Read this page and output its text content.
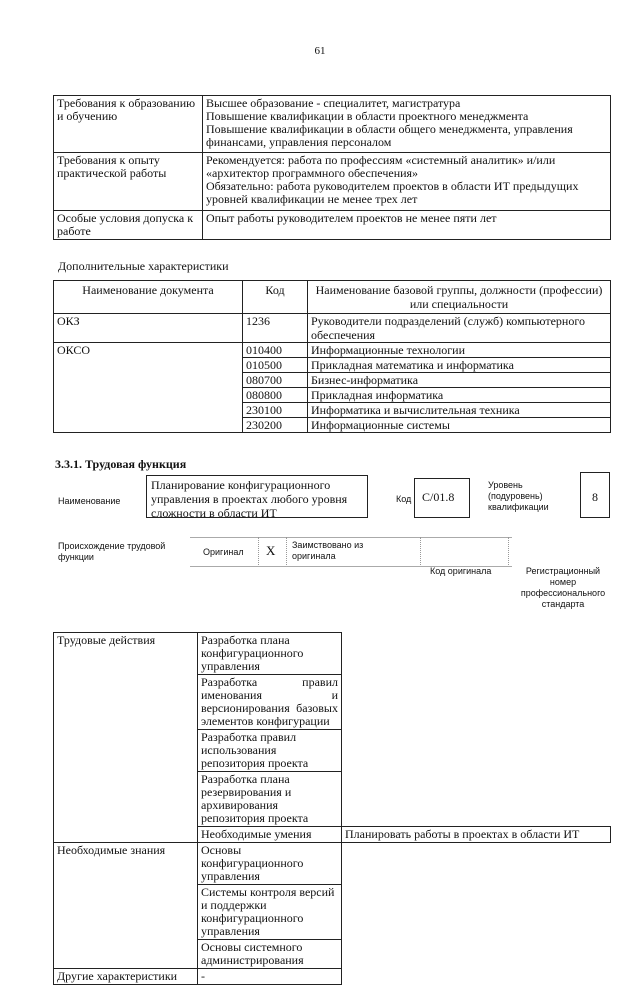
61
Требования к образованию и обучению	Высшее образование - специалитет, магистратура
Повышение квалификации в области проектного менеджмента
Повышение квалификации в области общего менеджмента, управления финансами, управления персоналом

Требования к опыту практической работы	Рекомендуется: работа по профессиям «системный аналитик» и/или «архитектор программного обеспечения»
Обязательно: работа руководителем проектов в области ИТ предыдущих уровней квалификации не менее трех лет

Особые условия допуска к работе	Опыт работы руководителем проектов не менее пяти лет
Дополнительные характеристики
Наименование документа	Код	Наименование базовой группы, должности (профессии) или специальности
ОКЗ	1236	Руководители подразделений (служб) компьютерного обеспечения
ОКСО	010400	Информационные технологии
	010500	Прикладная математика и информатика
	080700	Бизнес-информатика
	080800	Прикладная информатика
	230100	Информатика и вычислительная техника
	230200	Информационные системы
3.3.1. Трудовая функция
Наименование
Планирование конфигурационного управления в проектах любого уровня сложности в области ИТ
Код C/01.8
Уровень (подуровень) квалификации
8
Происхождение трудовой функции	Оригинал X Заимствовано из оригинала
Код оригинала	Регистрационный номер профессионального стандарта
Трудовые действия	Разработка плана конфигурационного управления	

	Разработка правил именования и версионирования базовых элементов конфигурации	

	Разработка правил использования репозитория проекта	
	Разработка плана резервирования и архивирования репозитория проекта	
	Необходимые умения	Планировать работы в проектах в области ИТ
Необходимые знания	Основы конфигурационного управления	
	Системы контроля версий и поддержки конфигурационного управления	
	Основы системного администрирования	
Другие характеристики	-	
